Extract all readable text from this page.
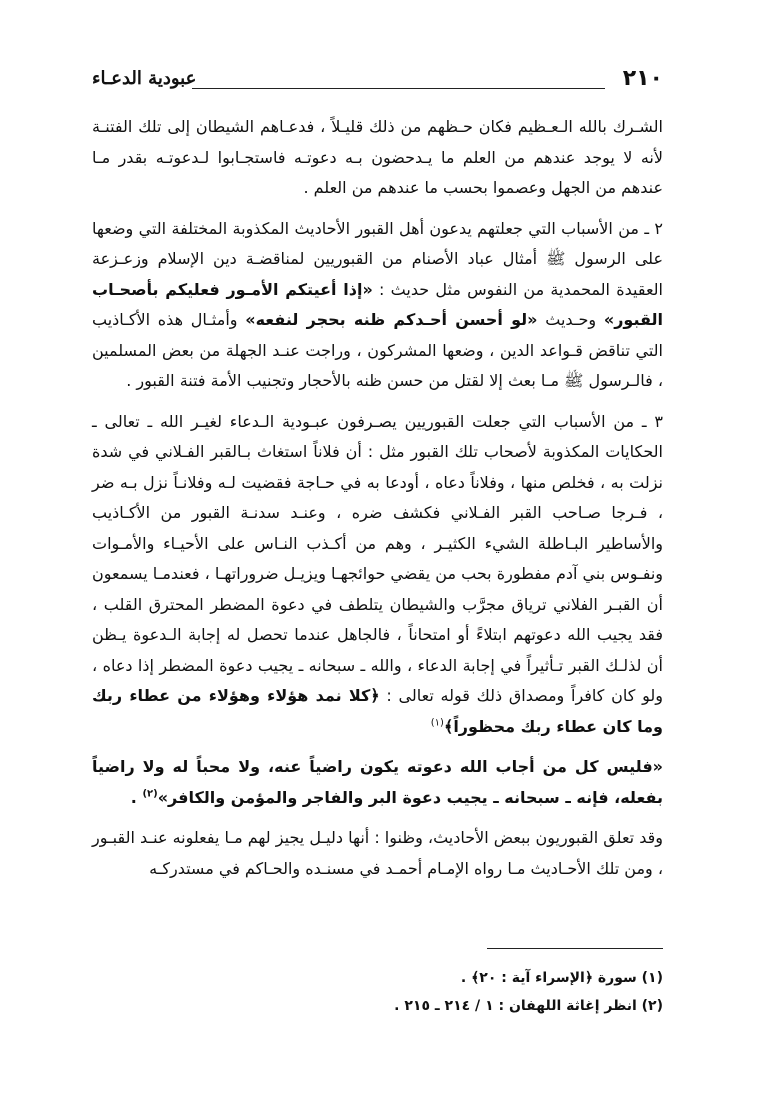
٢١٠
عبودية الدعـاء

الشـرك بالله الـعـظيم فكان حـظهم من ذلك قليـلاً ، فدعـاهم الشيطان إلى تلك الفتنـة لأنه لا يوجد عندهم من العلم ما يـدحضون بـه دعوتـه فاستجـابوا لـدعوتـه بقدر مـا عندهم من الجهل وعصموا بحسب ما عندهم من العلم .

٢ ـ من الأسباب التي جعلتهم يدعون أهل القبور الأحاديث المكذوبة المختلفة التي وضعها على الرسول ﷺ أمثال عباد الأصنام من القبوريين لمناقضـة دين الإسلام وزعـزعة العقيدة المحمدية من النفوس مثل حديث : «إذا أعيتكم الأمـور فعليكم بأصحـاب القبور» وحـديث «لو أحسن أحـدكم ظنه بحجر لنفعه» وأمثـال هذه الأكـاذيب التي تناقض قـواعد الدين ، وضعها المشركون ، وراجت عنـد الجهلة من بعض المسلمين ، فالـرسول ﷺ مـا بعث إلا لقتل من حسن ظنه بالأحجار وتجنيب الأمة فتنة القبور .

٣ ـ من الأسباب التي جعلت القبوريين يصـرفون عبـودية الـدعاء لغيـر الله ـ تعالى ـ الحكايات المكذوبة لأصحاب تلك القبور مثل : أن فلاناً استغاث بـالقبر الفـلاني في شدة نزلت به ، فخلص منها ، وفلاناً دعاه ، أودعا به في حـاجة فقضيت لـه وفلانـاً نزل بـه ضر ، فـرجا صـاحب القبر الفـلاني فكشف ضره ، وعنـد سدنـة القبور من الأكـاذيب والأساطير البـاطلة الشيء الكثيـر ، وهم من أكـذب النـاس على الأحيـاء والأمـوات ونفـوس بني آدم مفطورة بحب من يقضي حوائجهـا ويزيـل ضروراتهـا ، فعندمـا يسمعون أن القبـر الفلاني ترياق مجرَّب والشيطان يتلطف في دعوة المضطر المحترق القلب ، فقد يجيب الله دعوتهم ابتلاءً أو امتحاناً ، فالجاهل عندما تحصل له إجابة الـدعوة يـظن أن لذلـك القبر تـأثيراً في إجابة الدعاء ، والله ـ سبحانه ـ يجيب دعوة المضطر إذا دعاه ، ولو كان كافراً ومصداق ذلك قوله تعالى : ﴿كلا نمد هؤلاء وهؤلاء من عطاء ربك وما كان عطاء ربك محظوراً﴾$^{(١)}$

«فليس كل من أجاب الله دعوته يكون راضياً عنه، ولا محباً له ولا راضياً بفعله، فإنه ـ سبحانه ـ يجيب دعوة البر والفاجر والمؤمن والكافر»$^{(٢)}$ .

وقد تعلق القبوريون ببعض الأحاديث، وظنوا : أنها دليـل يجيز لهم مـا يفعلونه عنـد القبـور ، ومن تلك الأحـاديث مـا رواه الإمـام أحمـد في مسنـده والحـاكم في مستدركـه

(١) سورة ﴿الإسراء آية : ٢٠﴾ .
(٢) انظر إغاثة اللهفان : ١ / ٢١٤ ـ ٢١٥ .
